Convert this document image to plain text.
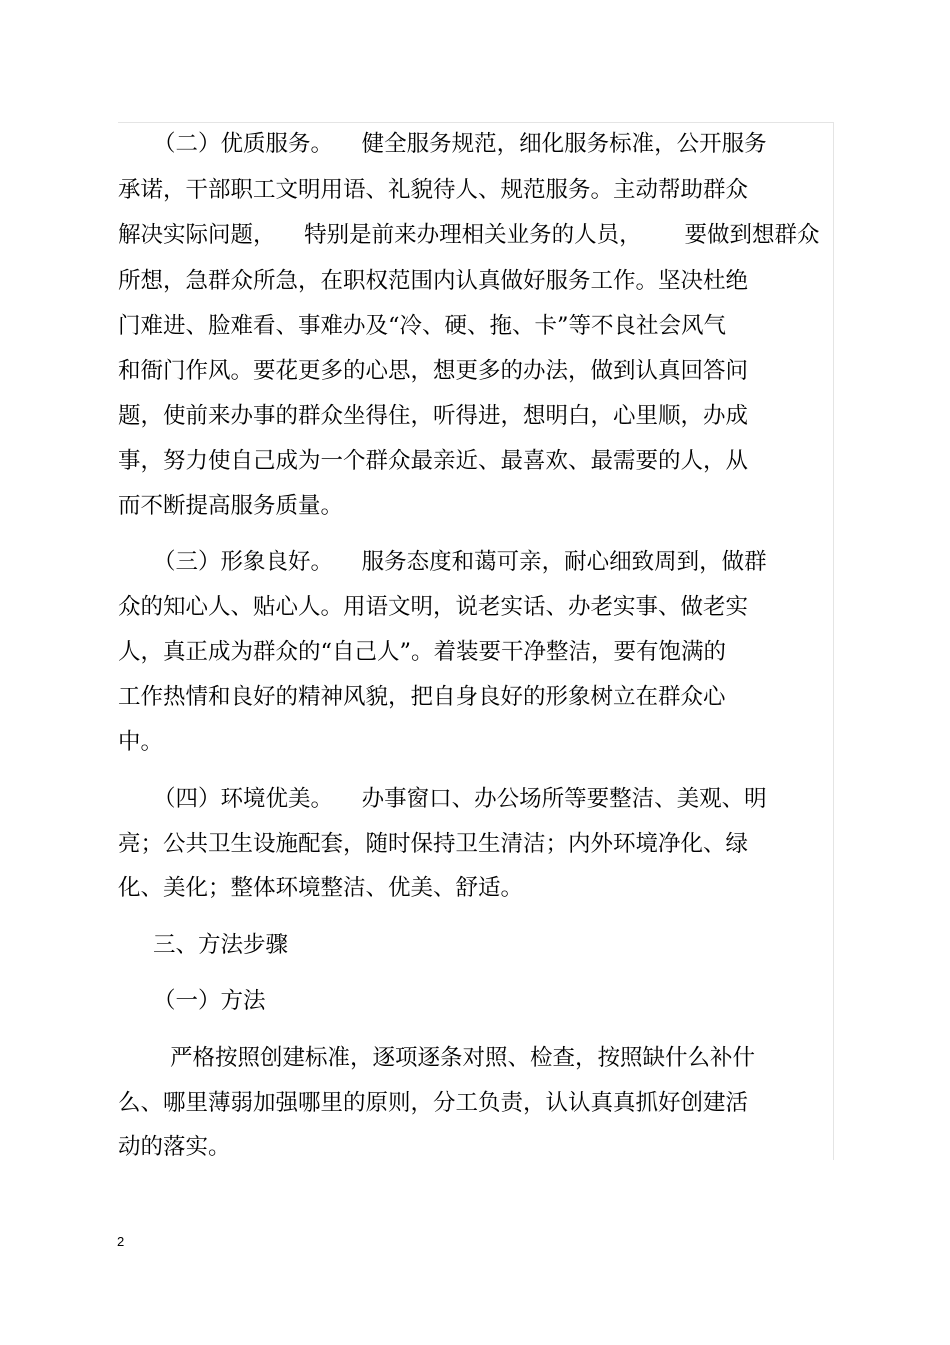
（二）优质服务。    健全服务规范，细化服务标准，公开服务

承诺，干部职工文明用语、礼貌待人、规范服务。主动帮助群众

解决实际问题，    特别是前来办理相关业务的人员，      要做到想群众

所想，急群众所急，在职权范围内认真做好服务工作。坚决杜绝

门难进、脸难看、事难办及“冷、硬、拖、卡”等不良社会风气

和衙门作风。要花更多的心思，想更多的办法，做到认真回答问

题，使前来办事的群众坐得住，听得进，想明白，心里顺，办成

事，努力使自己成为一个群众最亲近、最喜欢、最需要的人，从

而不断提高服务质量。

（三）形象良好。    服务态度和蔼可亲，耐心细致周到，做群

众的知心人、贴心人。用语文明，说老实话、办老实事、做老实

人，真正成为群众的“自己人”。着装要干净整洁，要有饱满的

工作热情和良好的精神风貌，把自身良好的形象树立在群众心

中。

（四）环境优美。    办事窗口、办公场所等要整洁、美观、明

亮；公共卫生设施配套，随时保持卫生清洁；内外环境净化、绿

化、美化；整体环境整洁、优美、舒适。

三、方法步骤

（一）方法

严格按照创建标准，逐项逐条对照、检查，按照缺什么补什

么、哪里薄弱加强哪里的原则，分工负责，认认真真抓好创建活

动的落实。

2
